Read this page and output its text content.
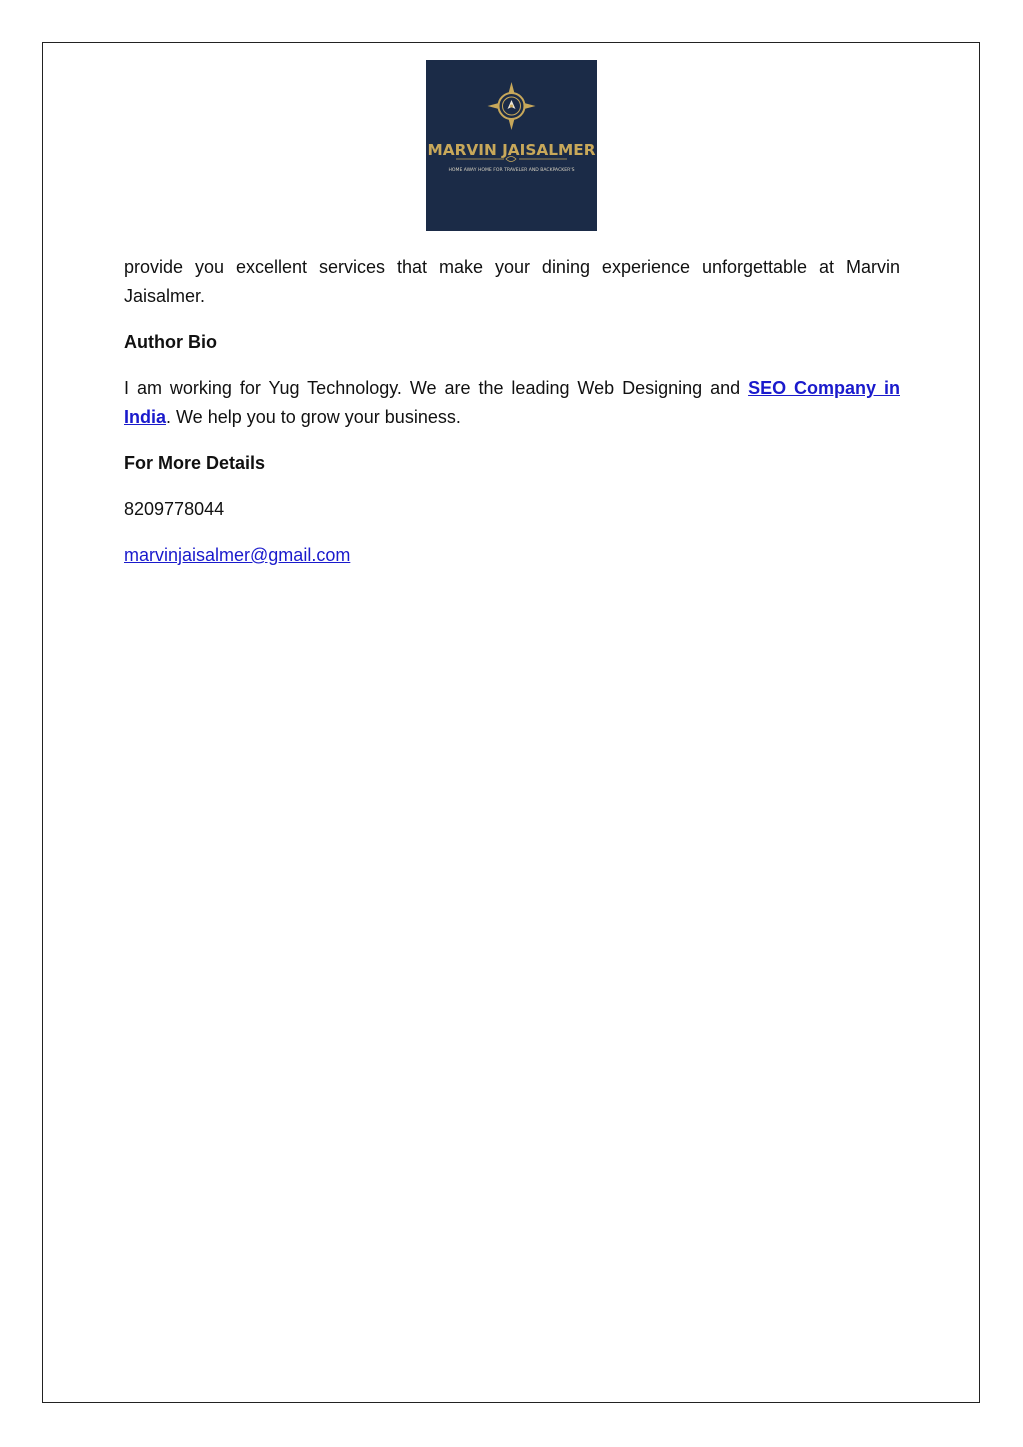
MARVIN JAISALMER
HOME AWAY HOME FOR TRAVELER AND BACKPACKER'S

provide you excellent services that make your dining experience unforgettable at Marvin Jaisalmer.

Author Bio

I am working for Yug Technology. We are the leading Web Designing and SEO Company in India. We help you to grow your business.

For More Details

8209778044

marvinjaisalmer@gmail.com
